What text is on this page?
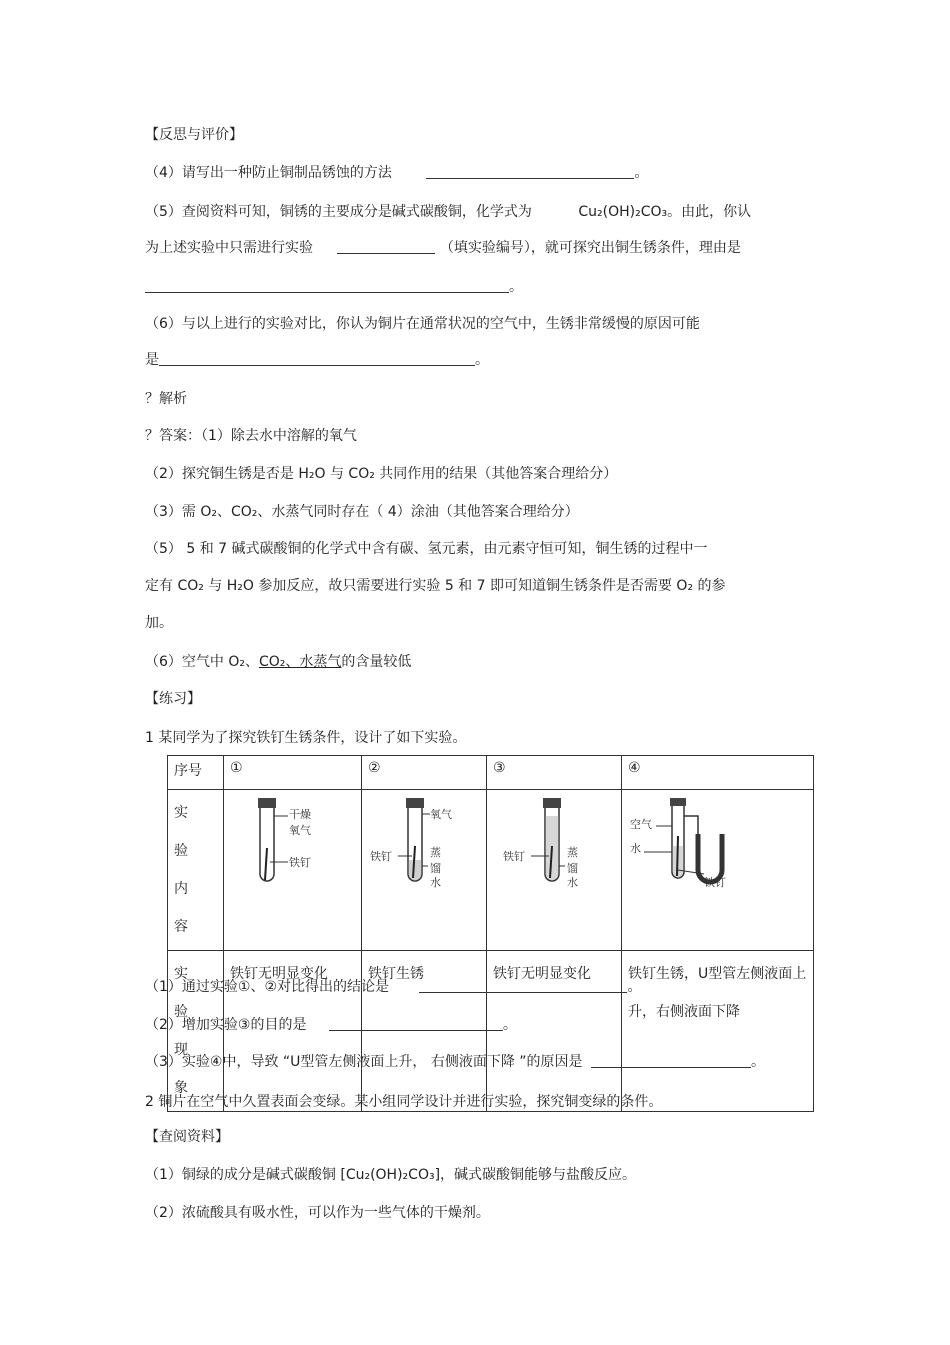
【反思与评价】
（4）请写出一种防止铜制品锈蚀的方法	。
（5）查阅资料可知，铜锈的主要成分是碱式碳酸铜，化学式为	Cu₂(OH)₂CO₃。由此，你认
为上述实验中只需进行实验	（填实验编号），就可探究出铜生锈条件，理由是
。
（6）与以上进行的实验对比，你认为铜片在通常状况的空气中，生锈非常缓慢的原因可能
是	。
？解析
？答案：（1）除去水中溶解的氧气
（2）探究铜生锈是否是 H₂O 与 CO₂ 共同作用的结果（其他答案合理给分）
（3）需 O₂、CO₂、水蒸气同时存在（ 4）涂油（其他答案合理给分）
（5） 5 和 7 碱式碳酸铜的化学式中含有碳、氢元素，由元素守恒可知，铜生锈的过程中一
定有 CO₂ 与 H₂O 参加反应，故只需要进行实验 5 和 7 即可知道铜生锈条件是否需要 O₂ 的参
加。
（6）空气中 O₂、CO₂、水蒸气的含量较低
【练习】
1 某同学为了探究铁钉生锈条件，设计了如下实验。
序号	①	②	③	④
实验内容	干燥
氧气
铁钉	氧气
铁钉 蒸
馏
水	铁钉 蒸
馏
水	空气
水
铁钉

实验现象	铁钉无明显变化	铁钉生锈	铁钉无明显变化	铁钉生锈，U型管左侧液面上升，右侧液面下降
（1）通过实验①、②对比得出的结论是	。
（2）增加实验③的目的是	。
（3）实验④中，导致 “U型管左侧液面上升， 右侧液面下降 ”的原因是	。
2 铜片在空气中久置表面会变绿。某小组同学设计并进行实验，探究铜变绿的条件。
【查阅资料】
（1）铜绿的成分是碱式碳酸铜 [Cu₂(OH)₂CO₃]，碱式碳酸铜能够与盐酸反应。
（2）浓硫酸具有吸水性，可以作为一些气体的干燥剂。
